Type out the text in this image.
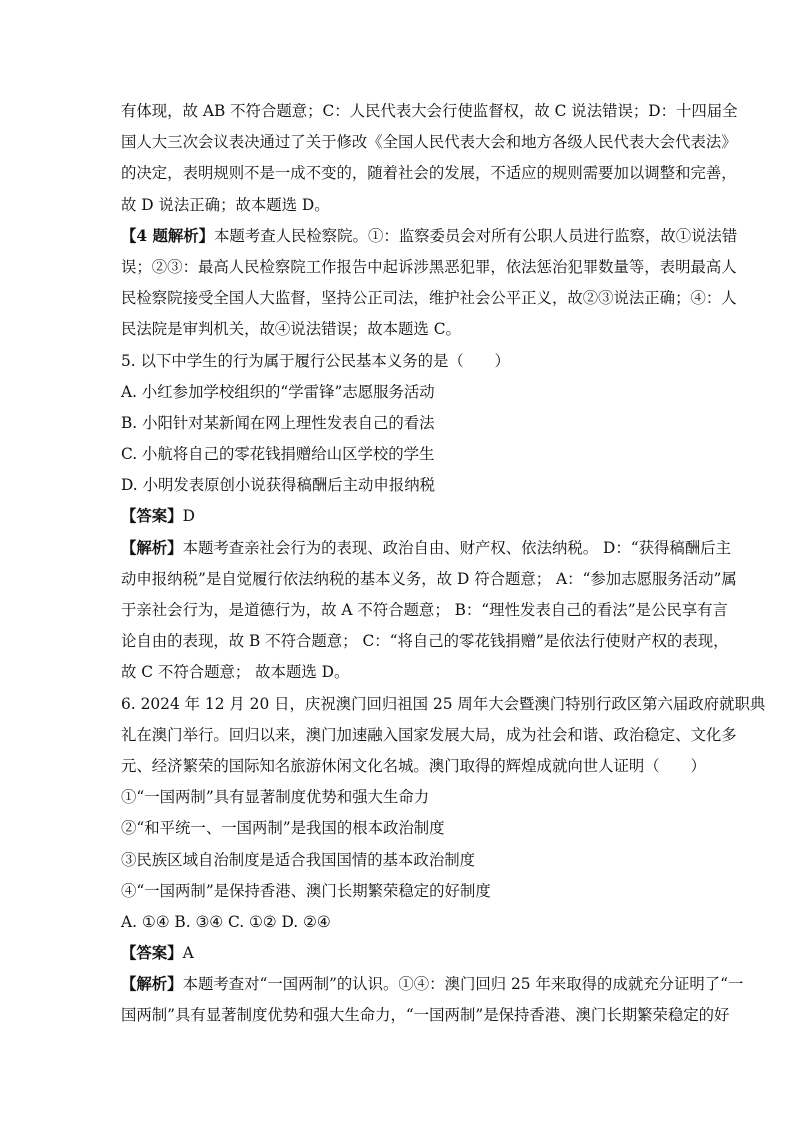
有体现，故 AB 不符合题意；C：人民代表大会行使监督权，故 C 说法错误；D：十四届全
国人大三次会议表决通过了关于修改《全国人民代表大会和地方各级人民代表大会代表法》
的决定，表明规则不是一成不变的，随着社会的发展，不适应的规则需要加以调整和完善，
故 D 说法正确；故本题选 D。
【4 题解析】本题考查人民检察院。①：监察委员会对所有公职人员进行监察，故①说法错
误；②③：最高人民检察院工作报告中起诉涉黑恶犯罪，依法惩治犯罪数量等，表明最高人
民检察院接受全国人大监督，坚持公正司法，维护社会公平正义，故②③说法正确；④：人
民法院是审判机关，故④说法错误；故本题选 C。
5. 以下中学生的行为属于履行公民基本义务的是（　　）
A. 小红参加学校组织的“学雷锋”志愿服务活动
B. 小阳针对某新闻在网上理性发表自己的看法
C. 小航将自己的零花钱捐赠给山区学校的学生
D. 小明发表原创小说获得稿酬后主动申报纳税
【答案】D
【解析】本题考查亲社会行为的表现、政治自由、财产权、依法纳税。 D：“获得稿酬后主
动申报纳税”是自觉履行依法纳税的基本义务，故 D 符合题意； A：“参加志愿服务活动”属
于亲社会行为，是道德行为，故 A 不符合题意； B：“理性发表自己的看法”是公民享有言
论自由的表现，故 B 不符合题意； C：“将自己的零花钱捐赠”是依法行使财产权的表现，
故 C 不符合题意； 故本题选 D。
6. 2024 年 12 月 20 日，庆祝澳门回归祖国 25 周年大会暨澳门特别行政区第六届政府就职典
礼在澳门举行。回归以来，澳门加速融入国家发展大局，成为社会和谐、政治稳定、文化多
元、经济繁荣的国际知名旅游休闲文化名城。澳门取得的辉煌成就向世人证明（　　）
①“一国两制”具有显著制度优势和强大生命力
②“和平统一、一国两制”是我国的根本政治制度
③民族区域自治制度是适合我国国情的基本政治制度
④“一国两制”是保持香港、澳门长期繁荣稳定的好制度
A. ①④ B. ③④ C. ①② D. ②④
【答案】A
【解析】本题考查对“一国两制”的认识。①④：澳门回归 25 年来取得的成就充分证明了“一
国两制”具有显著制度优势和强大生命力，“一国两制”是保持香港、澳门长期繁荣稳定的好
